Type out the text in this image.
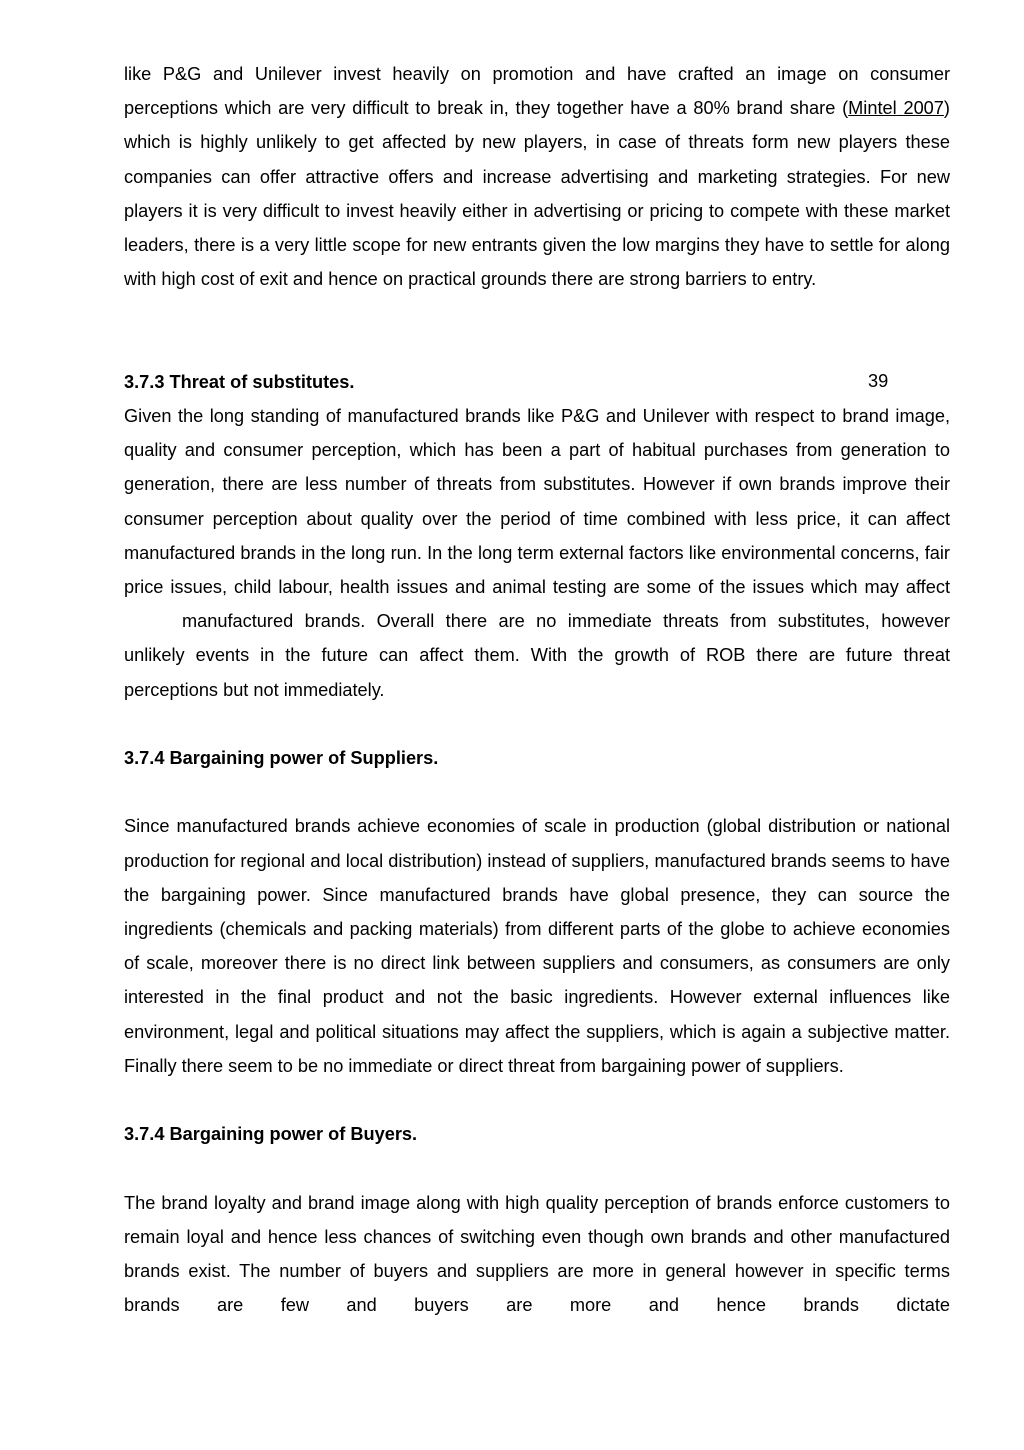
like P&G and Unilever invest heavily on promotion and have crafted an image on consumer perceptions which are very difficult to break in, they together have a 80% brand share (Mintel 2007) which is highly unlikely to get affected by new players, in case of threats form new players these companies can offer attractive offers and increase advertising and marketing strategies. For new players it is very difficult to invest heavily either in advertising or pricing to compete with these market leaders, there is a very little scope for new entrants given the low margins they have to settle for along with high cost of exit and hence on practical grounds there are strong barriers to entry.

3.7.3 Threat of substitutes.

Given the long standing of manufactured brands like P&G and Unilever with respect to brand image, quality and consumer perception, which has been a part of habitual purchases from generation to generation, there are less number of threats from substitutes. However if own brands improve their consumer perception about quality over the period of time combined with less price, it can affect manufactured brands in the long run. In the long term external factors like environmental concerns, fair price issues, child labour, health issues and animal testing are some of the issues which may affectmanufactured brands. Overall there are no immediate threats from substitutes, however unlikely events in the future can affect them. With the growth of ROB there are future threat perceptions but not immediately.

3.7.4 Bargaining power of Suppliers.

Since manufactured brands achieve economies of scale in production (global distribution or national production for regional and local distribution) instead of suppliers, manufactured brands seems to have the bargaining power. Since manufactured brands have global presence, they can source the ingredients (chemicals and packing materials) from different parts of the globe to achieve economies of scale, moreover there is no direct link between suppliers and consumers, as consumers are only interested in the final product and not the basic ingredients. However external influences like environment, legal and political situations may affect the suppliers, which is again a subjective matter. Finally there seem to be no immediate or direct threat from bargaining power of suppliers.

3.7.4 Bargaining power of Buyers.

The brand loyalty and brand image along with high quality perception of brands enforce customers to remain loyal and hence less chances of switching even though own brands and other manufactured brands exist. The number of buyers and suppliers are more in general however in specific terms brands are few and buyers are more and hence brands dictate

39
